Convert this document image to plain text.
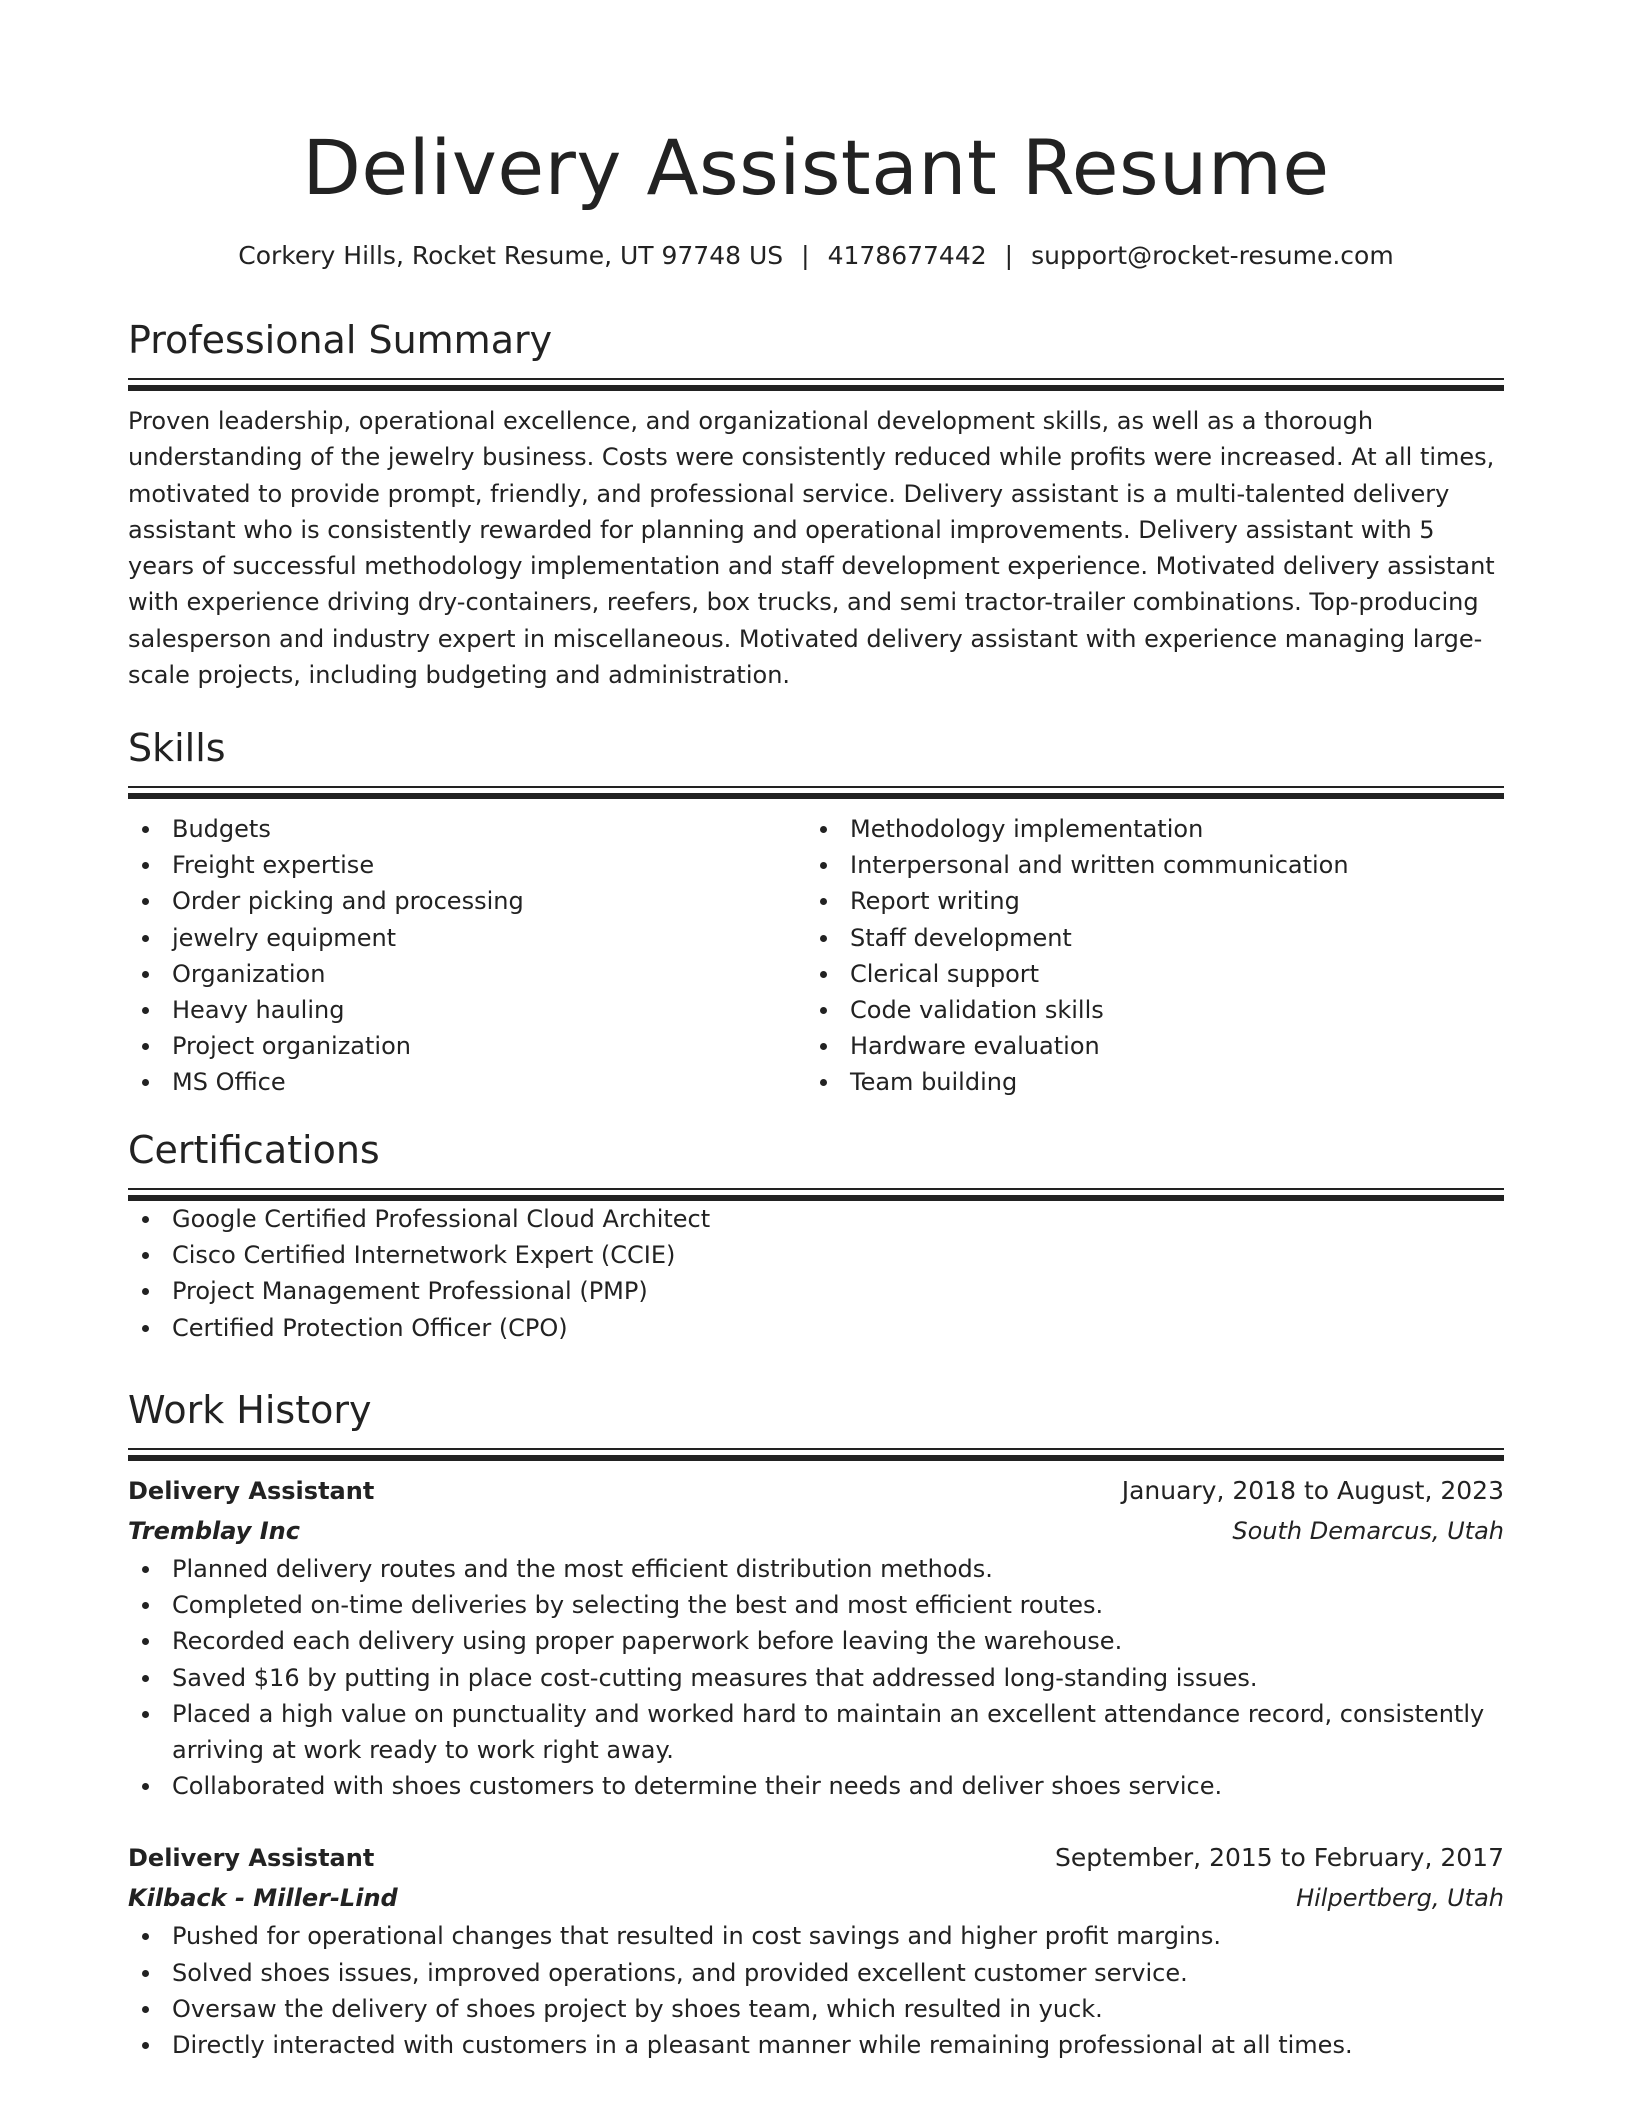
Delivery Assistant Resume
Corkery Hills, Rocket Resume, UT 97748 US | 4178677442 | support@rocket-resume.com
Professional Summary
Proven leadership, operational excellence, and organizational development skills, as well as a thorough understanding of the jewelry business. Costs were consistently reduced while profits were increased. At all times, motivated to provide prompt, friendly, and professional service. Delivery assistant is a multi-talented delivery assistant who is consistently rewarded for planning and operational improvements. Delivery assistant with 5 years of successful methodology implementation and staff development experience. Motivated delivery assistant with experience driving dry-containers, reefers, box trucks, and semi tractor-trailer combinations. Top-producing salesperson and industry expert in miscellaneous. Motivated delivery assistant with experience managing large-scale projects, including budgeting and administration.
Skills
Budgets
Freight expertise
Order picking and processing
jewelry equipment
Organization
Heavy hauling
Project organization
MS Office
Methodology implementation
Interpersonal and written communication
Report writing
Staff development
Clerical support
Code validation skills
Hardware evaluation
Team building
Certifications
Google Certified Professional Cloud Architect
Cisco Certified Internetwork Expert (CCIE)
Project Management Professional (PMP)
Certified Protection Officer (CPO)
Work History
Delivery Assistant	January, 2018 to August, 2023
Tremblay Inc	South Demarcus, Utah
Planned delivery routes and the most efficient distribution methods.
Completed on-time deliveries by selecting the best and most efficient routes.
Recorded each delivery using proper paperwork before leaving the warehouse.
Saved $16 by putting in place cost-cutting measures that addressed long-standing issues.
Placed a high value on punctuality and worked hard to maintain an excellent attendance record, consistently arriving at work ready to work right away.
Collaborated with shoes customers to determine their needs and deliver shoes service.
Delivery Assistant	September, 2015 to February, 2017
Kilback - Miller-Lind	Hilpertberg, Utah
Pushed for operational changes that resulted in cost savings and higher profit margins.
Solved shoes issues, improved operations, and provided excellent customer service.
Oversaw the delivery of shoes project by shoes team, which resulted in yuck.
Directly interacted with customers in a pleasant manner while remaining professional at all times.
